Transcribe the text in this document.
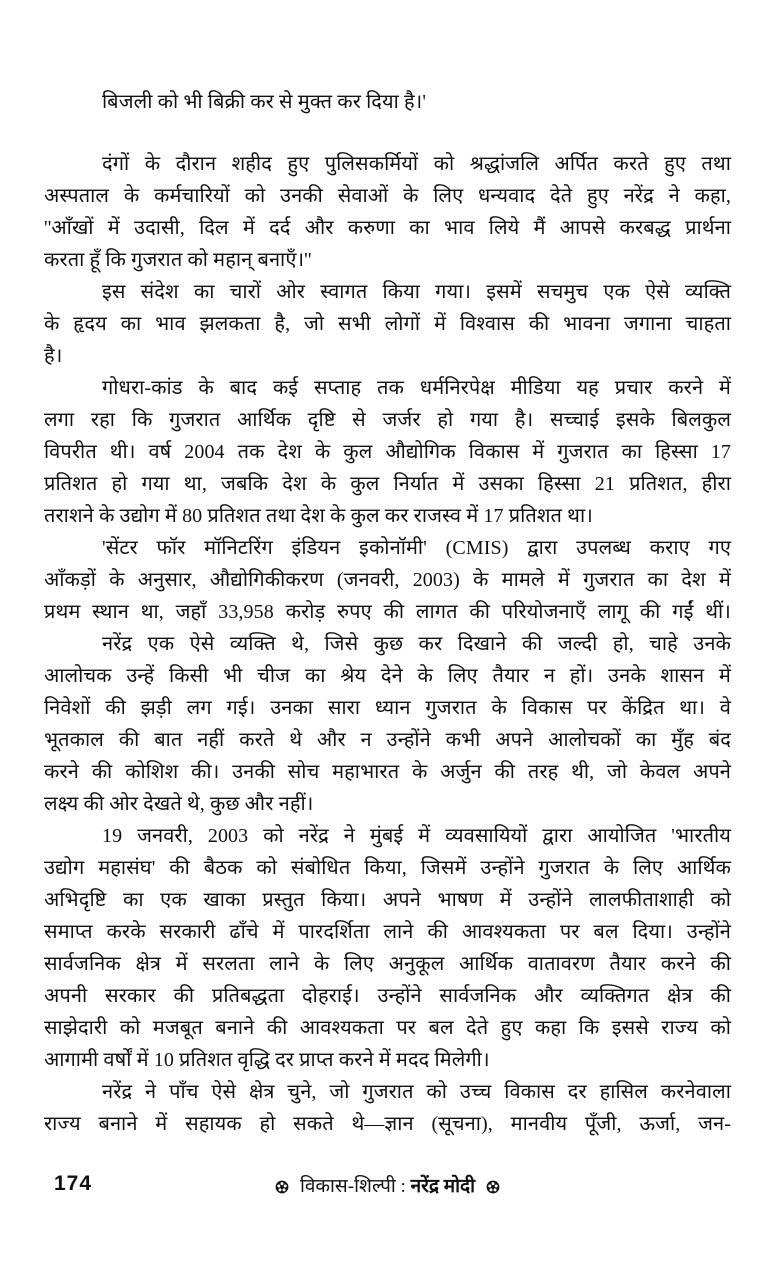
बिजली को भी बिक्री कर से मुक्त कर दिया है।'
दंगों के दौरान शहीद हुए पुलिसकर्मियों को श्रद्धांजलि अर्पित करते हुए तथा
अस्पताल के कर्मचारियों को उनकी सेवाओं के लिए धन्यवाद देते हुए नरेंद्र ने कहा,
''आँखों में उदासी, दिल में दर्द और करुणा का भाव लिये मैं आपसे करबद्ध प्रार्थना
करता हूँ कि गुजरात को महान् बनाएँ।''
इस संदेश का चारों ओर स्वागत किया गया। इसमें सचमुच एक ऐसे व्यक्ति
के हृदय का भाव झलकता है, जो सभी लोगों में विश्वास की भावना जगाना चाहता
है।
गोधरा-कांड के बाद कई सप्ताह तक धर्मनिरपेक्ष मीडिया यह प्रचार करने में
लगा रहा कि गुजरात आर्थिक दृष्टि से जर्जर हो गया है। सच्चाई इसके बिलकुल
विपरीत थी। वर्ष 2004 तक देश के कुल औद्योगिक विकास में गुजरात का हिस्सा 17
प्रतिशत हो गया था, जबकि देश के कुल निर्यात में उसका हिस्सा 21 प्रतिशत, हीरा
तराशने के उद्योग में 80 प्रतिशत तथा देश के कुल कर राजस्व में 17 प्रतिशत था।
'सेंटर फॉर मॉनिटरिंग इंडियन इकोनॉमी' (CMIS) द्वारा उपलब्ध कराए गए
आँकड़ों के अनुसार, औद्योगिकीकरण (जनवरी, 2003) के मामले में गुजरात का देश में
प्रथम स्थान था, जहाँ 33,958 करोड़ रुपए की लागत की परियोजनाएँ लागू की गईं थीं।
नरेंद्र एक ऐसे व्यक्ति थे, जिसे कुछ कर दिखाने की जल्दी हो, चाहे उनके
आलोचक उन्हें किसी भी चीज का श्रेय देने के लिए तैयार न हों। उनके शासन में
निवेशों की झड़ी लग गई। उनका सारा ध्यान गुजरात के विकास पर केंद्रित था। वे
भूतकाल की बात नहीं करते थे और न उन्होंने कभी अपने आलोचकों का मुँह बंद
करने की कोशिश की। उनकी सोच महाभारत के अर्जुन की तरह थी, जो केवल अपने
लक्ष्य की ओर देखते थे, कुछ और नहीं।
19 जनवरी, 2003 को नरेंद्र ने मुंबई में व्यवसायियों द्वारा आयोजित 'भारतीय
उद्योग महासंघ' की बैठक को संबोधित किया, जिसमें उन्होंने गुजरात के लिए आर्थिक
अभिदृष्टि का एक खाका प्रस्तुत किया। अपने भाषण में उन्होंने लालफीताशाही को
समाप्त करके सरकारी ढाँचे में पारदर्शिता लाने की आवश्यकता पर बल दिया। उन्होंने
सार्वजनिक क्षेत्र में सरलता लाने के लिए अनुकूल आर्थिक वातावरण तैयार करने की
अपनी सरकार की प्रतिबद्धता दोहराई। उन्होंने सार्वजनिक और व्यक्तिगत क्षेत्र की
साझेदारी को मजबूत बनाने की आवश्यकता पर बल देते हुए कहा कि इससे राज्य को
आगामी वर्षों में 10 प्रतिशत वृद्धि दर प्राप्त करने में मदद मिलेगी।
नरेंद्र ने पाँच ऐसे क्षेत्र चुने, जो गुजरात को उच्च विकास दर हासिल करनेवाला
राज्य बनाने में सहायक हो सकते थे—ज्ञान (सूचना), मानवीय पूँजी, ऊर्जा, जन-
174	विकास-शिल्पी : नरेंद्र मोदी
